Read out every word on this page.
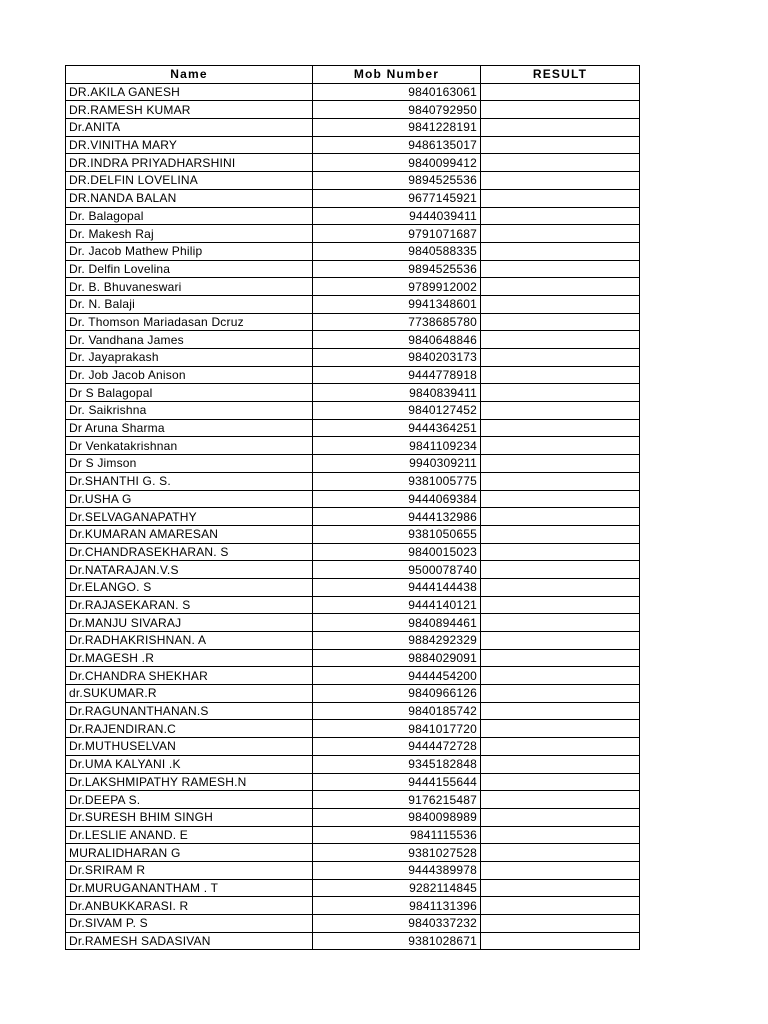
Name	Mob Number	RESULT
DR.AKILA GANESH	9840163061	
DR.RAMESH KUMAR	9840792950	
Dr.ANITA	9841228191	
DR.VINITHA MARY	9486135017	
DR.INDRA PRIYADHARSHINI	9840099412	
DR.DELFIN LOVELINA	9894525536	
DR.NANDA BALAN	9677145921	
Dr. Balagopal	9444039411	
Dr. Makesh Raj	9791071687	
Dr. Jacob Mathew Philip	9840588335	
Dr. Delfin Lovelina	9894525536	
Dr. B. Bhuvaneswari	9789912002	
Dr. N. Balaji	9941348601	
Dr. Thomson Mariadasan Dcruz	7738685780	
Dr. Vandhana James	9840648846	
Dr. Jayaprakash	9840203173	
Dr. Job Jacob Anison	9444778918	
Dr S Balagopal	9840839411	
Dr. Saikrishna	9840127452	
Dr Aruna Sharma	9444364251	
Dr Venkatakrishnan	9841109234	
Dr S Jimson	9940309211	
Dr.SHANTHI G. S.	9381005775	
Dr.USHA G	9444069384	
Dr.SELVAGANAPATHY	9444132986	
Dr.KUMARAN AMARESAN	9381050655	
Dr.CHANDRASEKHARAN. S	9840015023	
Dr.NATARAJAN.V.S	9500078740	
Dr.ELANGO. S	9444144438	
Dr.RAJASEKARAN. S	9444140121	
Dr.MANJU SIVARAJ	9840894461	
Dr.RADHAKRISHNAN. A	9884292329	
Dr.MAGESH .R	9884029091	
Dr.CHANDRA SHEKHAR	9444454200	
dr.SUKUMAR.R	9840966126	
Dr.RAGUNANTHANAN.S	9840185742	
Dr.RAJENDIRAN.C	9841017720	
Dr.MUTHUSELVAN	9444472728	
Dr.UMA KALYANI .K	9345182848	
Dr.LAKSHMIPATHY RAMESH.N	9444155644	
Dr.DEEPA S.	9176215487	
Dr.SURESH BHIM SINGH	9840098989	
Dr.LESLIE ANAND. E	9841115536	
MURALIDHARAN G	9381027528	
Dr.SRIRAM R	9444389978	
Dr.MURUGANANTHAM . T	9282114845	
Dr.ANBUKKARASI. R	9841131396	
Dr.SIVAM P. S	9840337232	
Dr.RAMESH SADASIVAN	9381028671	
